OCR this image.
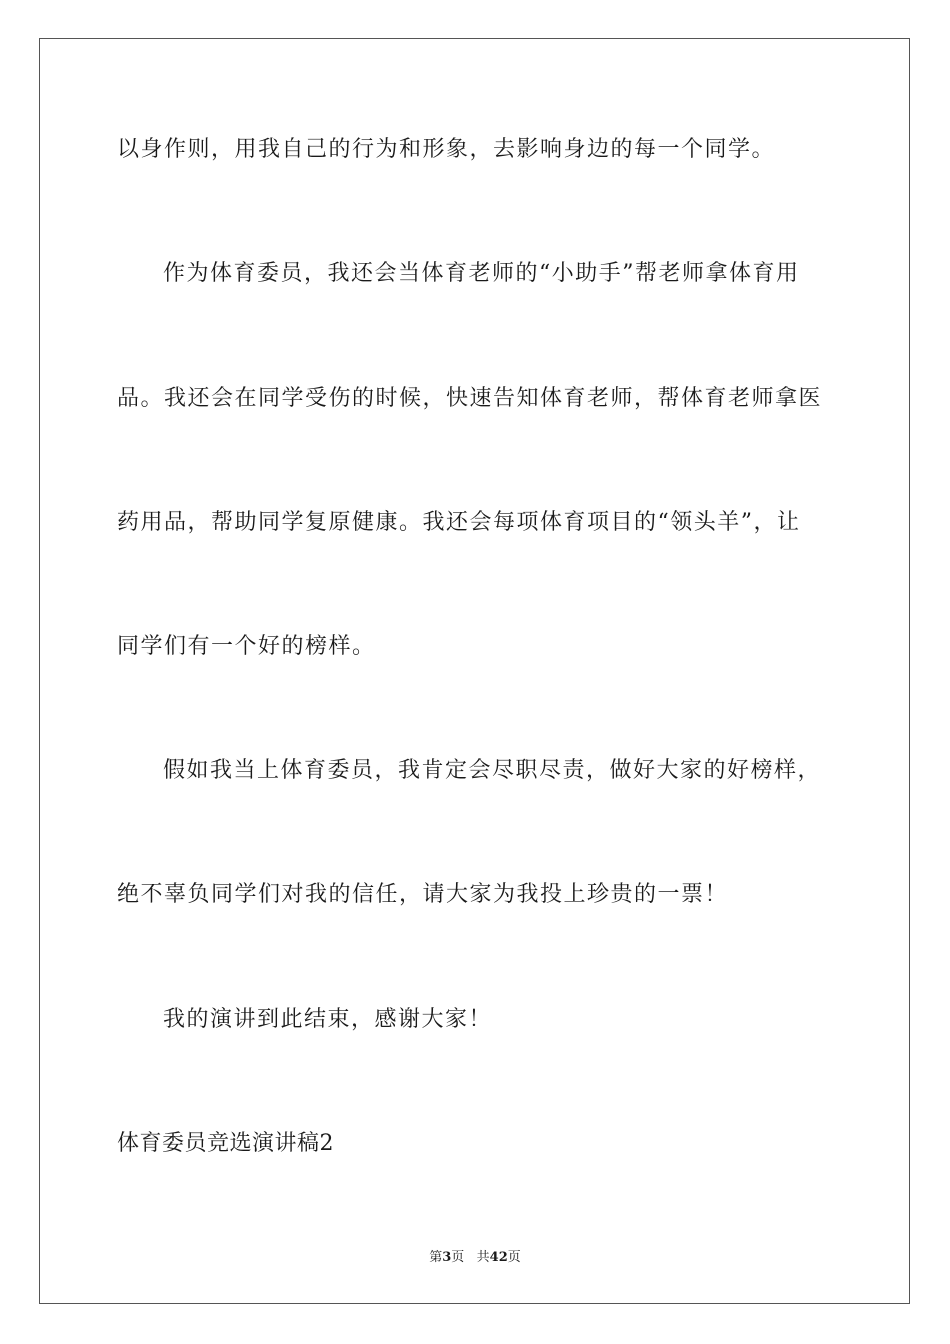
以身作则，用我自己的行为和形象，去影响身边的每一个同学。
作为体育委员，我还会当体育老师的“小助手”帮老师拿体育用
品。我还会在同学受伤的时候，快速告知体育老师，帮体育老师拿医
药用品，帮助同学复原健康。我还会每项体育项目的“领头羊”，让
同学们有一个好的榜样。
假如我当上体育委员，我肯定会尽职尽责，做好大家的好榜样，
绝不辜负同学们对我的信任，请大家为我投上珍贵的一票！
我的演讲到此结束，感谢大家！
体育委员竞选演讲稿2
第3页   共42页
